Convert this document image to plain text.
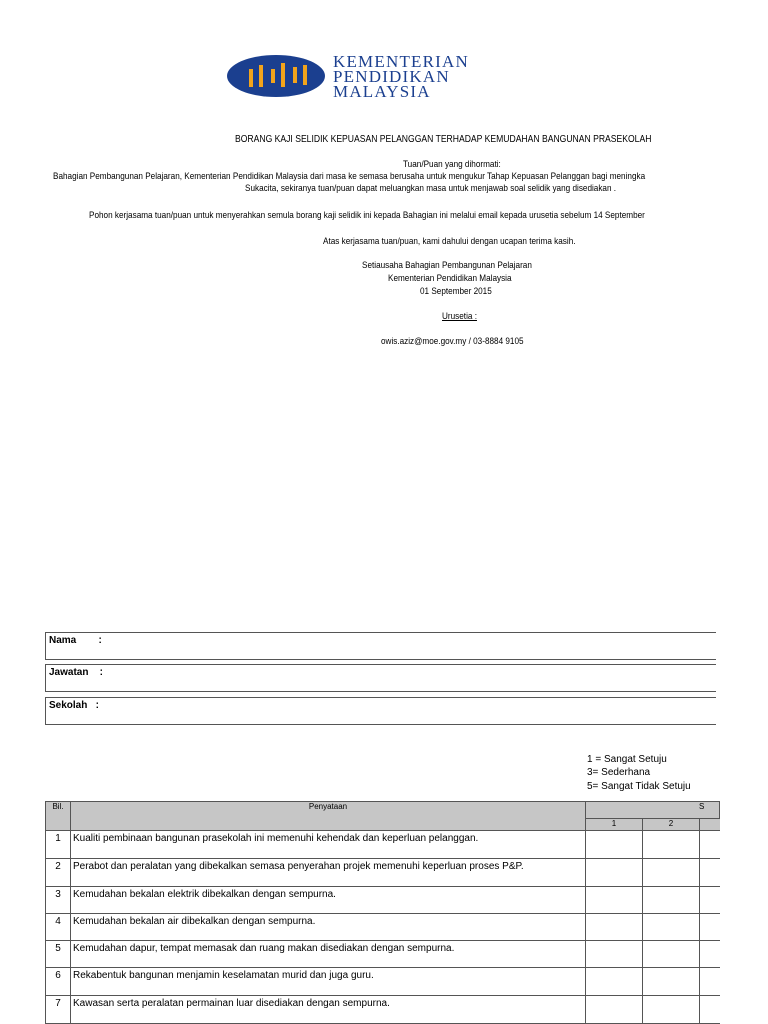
KEMENTERIAN
PENDIDIKAN
MALAYSIA
BORANG KAJI SELIDIK KEPUASAN PELANGGAN TERHADAP KEMUDAHAN BANGUNAN PRASEKOLAH
Tuan/Puan yang dihormati:
Bahagian Pembangunan Pelajaran, Kementerian Pendidikan Malaysia dari masa ke semasa berusaha untuk mengukur Tahap Kepuasan Pelanggan bagi meningka
Sukacita, sekiranya tuan/puan dapat meluangkan masa untuk menjawab soal selidik yang disediakan .
Pohon kerjasama tuan/puan untuk menyerahkan semula borang kaji selidik ini kepada Bahagian ini melalui email kepada urusetia sebelum 14 September
Atas kerjasama tuan/puan, kami dahului dengan ucapan terima kasih.
Setiausaha Bahagian Pembangunan Pelajaran
Kementerian Pendidikan Malaysia
01 September 2015
Urusetia :
owis.aziz@moe.gov.my / 03-8884 9105
Nama        :
Jawatan    :
Sekolah   :
1 = Sangat Setuju
3= Sederhana
5= Sangat Tidak Setuju
Bil.	Penyataan	S		
		1	2	
1	Kualiti pembinaan bangunan prasekolah ini memenuhi kehendak dan keperluan pelanggan.			
2	Perabot dan peralatan yang dibekalkan semasa penyerahan projek memenuhi keperluan proses P&P.			
3	Kemudahan bekalan elektrik dibekalkan dengan sempurna.			
4	Kemudahan bekalan air dibekalkan dengan sempurna.			
5	Kemudahan dapur, tempat memasak dan ruang makan disediakan dengan sempurna.			
6	Rekabentuk bangunan menjamin keselamatan murid dan juga guru.			
7	Kawasan serta peralatan permainan luar disediakan dengan sempurna.			
